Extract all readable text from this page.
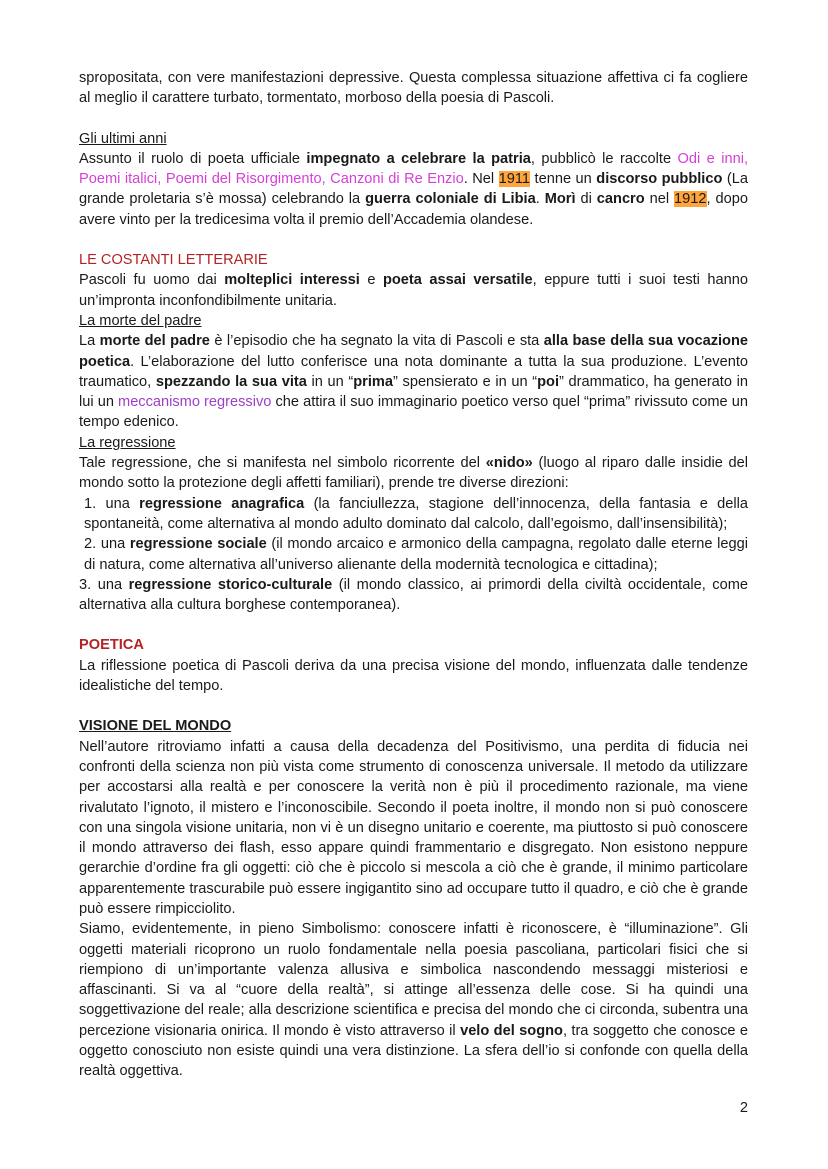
spropositata, con vere manifestazioni depressive. Questa complessa situazione affettiva ci fa cogliere al meglio il carattere turbato, tormentato, morboso della poesia di Pascoli.

Gli ultimi anni

Assunto il ruolo di poeta ufficiale impegnato a celebrare la patria, pubblicò le raccolte Odi e inni, Poemi italici, Poemi del Risorgimento, Canzoni di Re Enzio. Nel 1911 tenne un discorso pubblico (La grande proletaria s’è mossa) celebrando la guerra coloniale di Libia. Morì di cancro nel 1912, dopo avere vinto per la tredicesima volta il premio dell’Accademia olandese.

LE COSTANTI LETTERARIE

Pascoli fu uomo dai molteplici interessi e poeta assai versatile, eppure tutti i suoi testi hanno un’impronta inconfondibilmente unitaria.

La morte del padre

La morte del padre è l’episodio che ha segnato la vita di Pascoli e sta alla base della sua vocazione poetica. L’elaborazione del lutto conferisce una nota dominante a tutta la sua produzione. L’evento traumatico, spezzando la sua vita in un “prima” spensierato e in un “poi” drammatico, ha generato in lui un meccanismo regressivo che attira il suo immaginario poetico verso quel “prima” rivissuto come un tempo edenico.

La regressione

Tale regressione, che si manifesta nel simbolo ricorrente del «nido» (luogo al riparo dalle insidie del mondo sotto la protezione degli affetti familiari), prende tre diverse direzioni:

1. una regressione anagrafica (la fanciullezza, stagione dell’innocenza, della fantasia e della spontaneità, come alternativa al mondo adulto dominato dal calcolo, dall’egoismo, dall’insensibilità);

2. una regressione sociale (il mondo arcaico e armonico della campagna, regolato dalle eterne leggi di natura, come alternativa all’universo alienante della modernità tecnologica e cittadina);

3. una regressione storico-culturale (il mondo classico, ai primordi della civiltà occidentale, come alternativa alla cultura borghese contemporanea).

POETICA

La riflessione poetica di Pascoli deriva da una precisa visione del mondo, influenzata dalle tendenze idealistiche del tempo.

VISIONE DEL MONDO

Nell’autore ritroviamo infatti a causa della decadenza del Positivismo, una perdita di fiducia nei confronti della scienza non più vista come strumento di conoscenza universale. Il metodo da utilizzare per accostarsi alla realtà e per conoscere la verità non è più il procedimento razionale, ma viene rivalutato l’ignoto, il mistero e l’inconoscibile. Secondo il poeta inoltre, il mondo non si può conoscere con una singola visione unitaria, non vi è un disegno unitario e coerente, ma piuttosto si può conoscere il mondo attraverso dei flash, esso appare quindi frammentario e disgregato. Non esistono neppure gerarchie d’ordine fra gli oggetti: ciò che è piccolo si mescola a ciò che è grande, il minimo particolare apparentemente trascurabile può essere ingigantito sino ad occupare tutto il quadro, e ciò che è grande può essere rimpicciolito.

Siamo, evidentemente, in pieno Simbolismo: conoscere infatti è riconoscere, è “illuminazione”. Gli oggetti materiali ricoprono un ruolo fondamentale nella poesia pascoliana, particolari fisici che si riempiono di un’importante valenza allusiva e simbolica nascondendo messaggi misteriosi e affascinanti. Si va al “cuore della realtà”, si attinge all’essenza delle cose. Si ha quindi una soggettivazione del reale; alla descrizione scientifica e precisa del mondo che ci circonda, subentra una percezione visionaria onirica. Il mondo è visto attraverso il velo del sogno, tra soggetto che conosce e oggetto conosciuto non esiste quindi una vera distinzione. La sfera dell’io si confonde con quella della realtà oggettiva.

2
